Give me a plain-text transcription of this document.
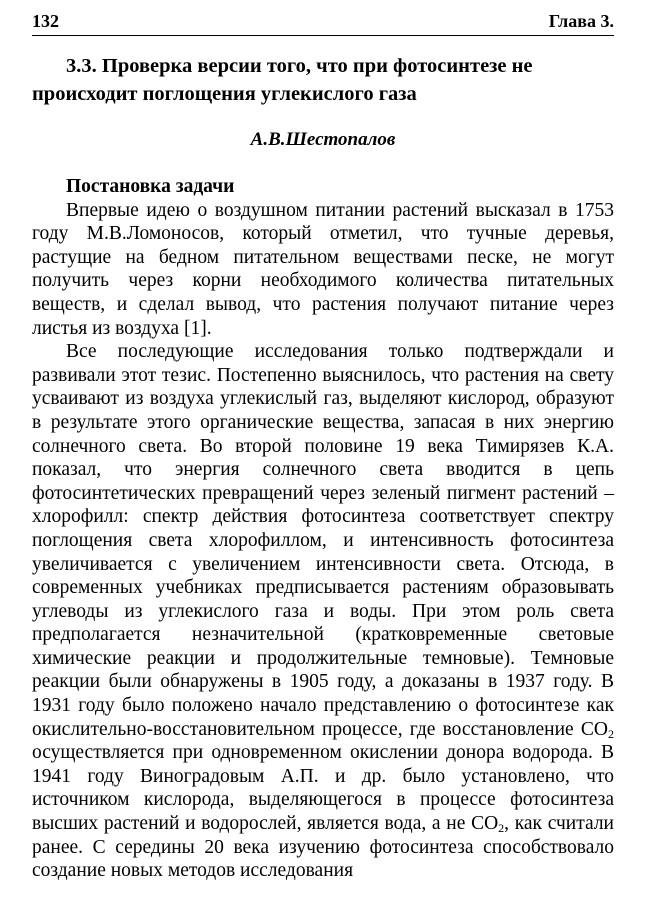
132	Глава 3.
3.3. Проверка версии того, что при фотосинтезе не происходит поглощения углекислого газа

А.В.Шестопалов

Постановка задачи

Впервые идею о воздушном питании растений высказал в 1753 году М.В.Ломоносов, который отметил, что тучные деревья, растущие на бедном питательном веществами песке, не могут получить через корни необходимого количества питательных веществ, и сделал вывод, что растения получают питание через листья из воздуха [1].

Все последующие исследования только подтверждали и развивали этот тезис. Постепенно выяснилось, что растения на свету усваивают из воздуха углекислый газ, выделяют кислород, образуют в результате этого органические вещества, запасая в них энергию солнечного света. Во второй половине 19 века Тимирязев К.А. показал, что энергия солнечного света вводится в цепь фотосинтетических превращений через зеленый пигмент растений – хлорофилл: спектр действия фотосинтеза соответствует спектру поглощения света хлорофиллом, и интенсивность фотосинтеза увеличивается с увеличением интенсивности света. Отсюда, в современных учебниках предписывается растениям образовывать углеводы из углекислого газа и воды. При этом роль света предполагается незначительной (кратковременные световые химические реакции и продолжительные темновые). Темновые реакции были обнаружены в 1905 году, а доказаны в 1937 году. В 1931 году было положено начало представлению о фотосинтезе как окислительно-восстановительном процессе, где восстановление $CO_2$ осуществляется при одновременном окислении донора водорода. В 1941 году Виноградовым А.П. и др. было установлено, что источником кислорода, выделяющегося в процессе фотосинтеза высших растений и водорослей, является вода, а не $CO_2$, как считали ранее. С середины 20 века изучению фотосинтеза способствовало создание новых методов исследования
